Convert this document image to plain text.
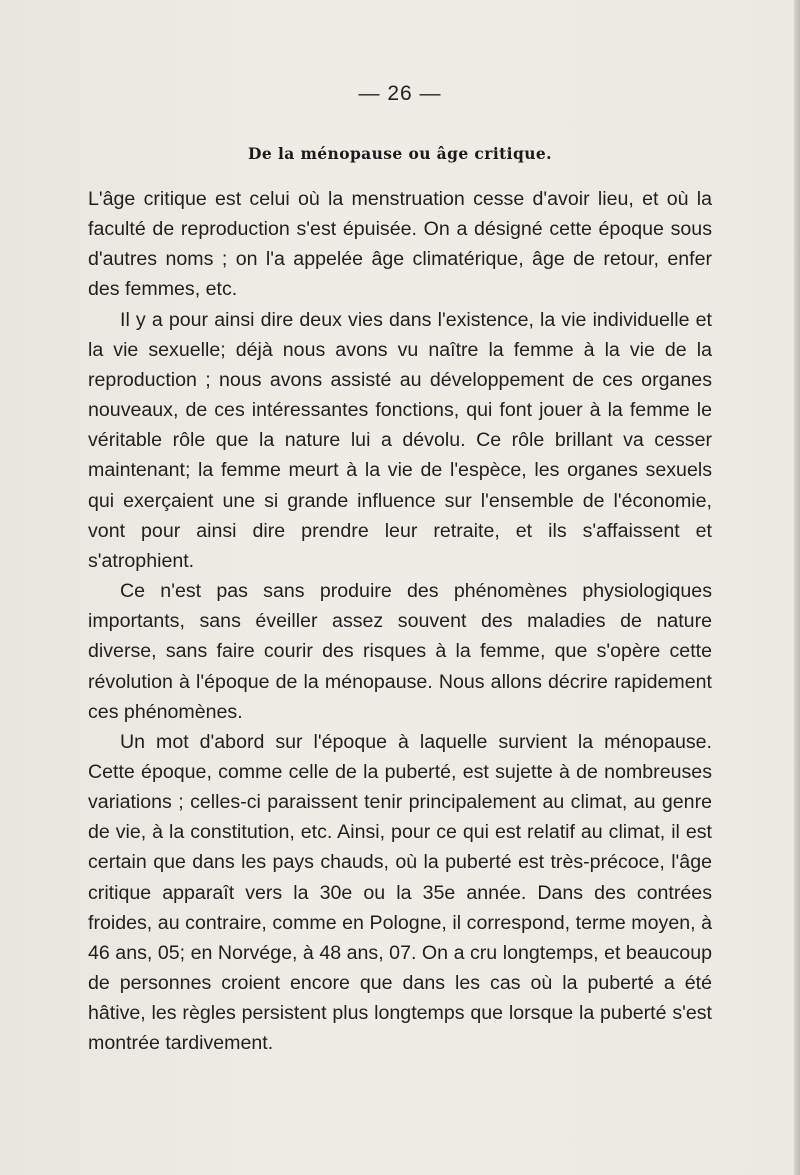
— 26 —
De la ménopause ou âge critique.

L'âge critique est celui où la menstruation cesse d'avoir lieu, et où la faculté de reproduction s'est épuisée. On a désigné cette époque sous d'autres noms ; on l'a appelée âge climatérique, âge de retour, enfer des femmes, etc.

Il y a pour ainsi dire deux vies dans l'existence, la vie individuelle et la vie sexuelle; déjà nous avons vu naître la femme à la vie de la reproduction ; nous avons assisté au développement de ces organes nouveaux, de ces intéressantes fonctions, qui font jouer à la femme le véritable rôle que la nature lui a dévolu. Ce rôle brillant va cesser maintenant; la femme meurt à la vie de l'espèce, les organes sexuels qui exerçaient une si grande influence sur l'ensemble de l'économie, vont pour ainsi dire prendre leur retraite, et ils s'affaissent et s'atrophient.

Ce n'est pas sans produire des phénomènes physiologiques importants, sans éveiller assez souvent des maladies de nature diverse, sans faire courir des risques à la femme, que s'opère cette révolution à l'époque de la ménopause. Nous allons décrire rapidement ces phénomènes.

Un mot d'abord sur l'époque à laquelle survient la ménopause. Cette époque, comme celle de la puberté, est sujette à de nombreuses variations ; celles-ci paraissent tenir principalement au climat, au genre de vie, à la constitution, etc. Ainsi, pour ce qui est relatif au climat, il est certain que dans les pays chauds, où la puberté est très-précoce, l'âge critique apparaît vers la 30e ou la 35e année. Dans des contrées froides, au contraire, comme en Pologne, il correspond, terme moyen, à 46 ans, 05; en Norvége, à 48 ans, 07. On a cru longtemps, et beaucoup de personnes croient encore que dans les cas où la puberté a été hâtive, les règles persistent plus longtemps que lorsque la puberté s'est montrée tardivement.
